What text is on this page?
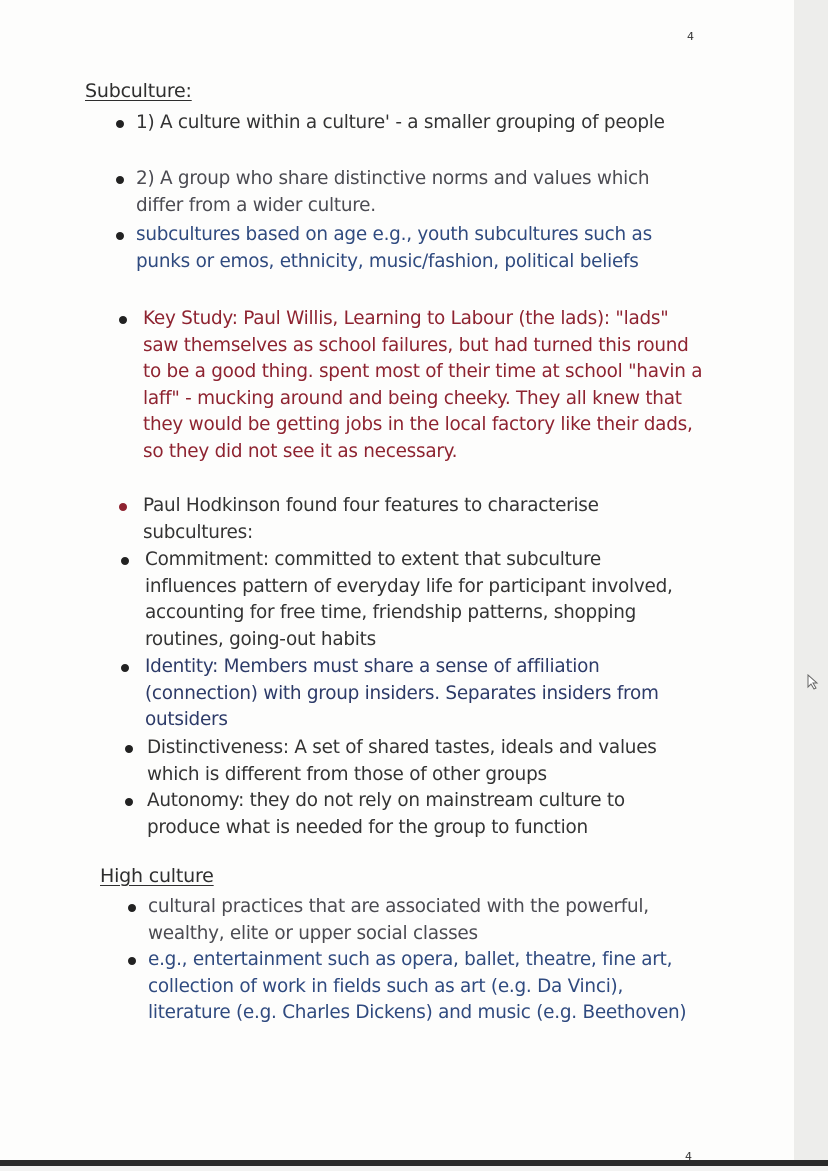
4
Subculture:
1) A culture within a culture' - a smaller grouping of people
2) A group who share distinctive norms and values which differ from a wider culture.
subcultures based on age e.g., youth subcultures such as punks or emos, ethnicity, music/fashion, political beliefs
Key Study: Paul Willis, Learning to Labour (the lads): "lads" saw themselves as school failures, but had turned this round to be a good thing. spent most of their time at school "havin a laff" - mucking around and being cheeky. They all knew that they would be getting jobs in the local factory like their dads, so they did not see it as necessary.
Paul Hodkinson found four features to characterise subcultures:
Commitment: committed to extent that subculture influences pattern of everyday life for participant involved, accounting for free time, friendship patterns, shopping routines, going-out habits
Identity: Members must share a sense of affiliation (connection) with group insiders. Separates insiders from outsiders
Distinctiveness: A set of shared tastes, ideals and values which is different from those of other groups
Autonomy: they do not rely on mainstream culture to produce what is needed for the group to function
High culture
cultural practices that are associated with the powerful, wealthy, elite or upper social classes
e.g., entertainment such as opera, ballet, theatre, fine art, collection of work in fields such as art (e.g. Da Vinci), literature (e.g. Charles Dickens) and music (e.g. Beethoven)
4
